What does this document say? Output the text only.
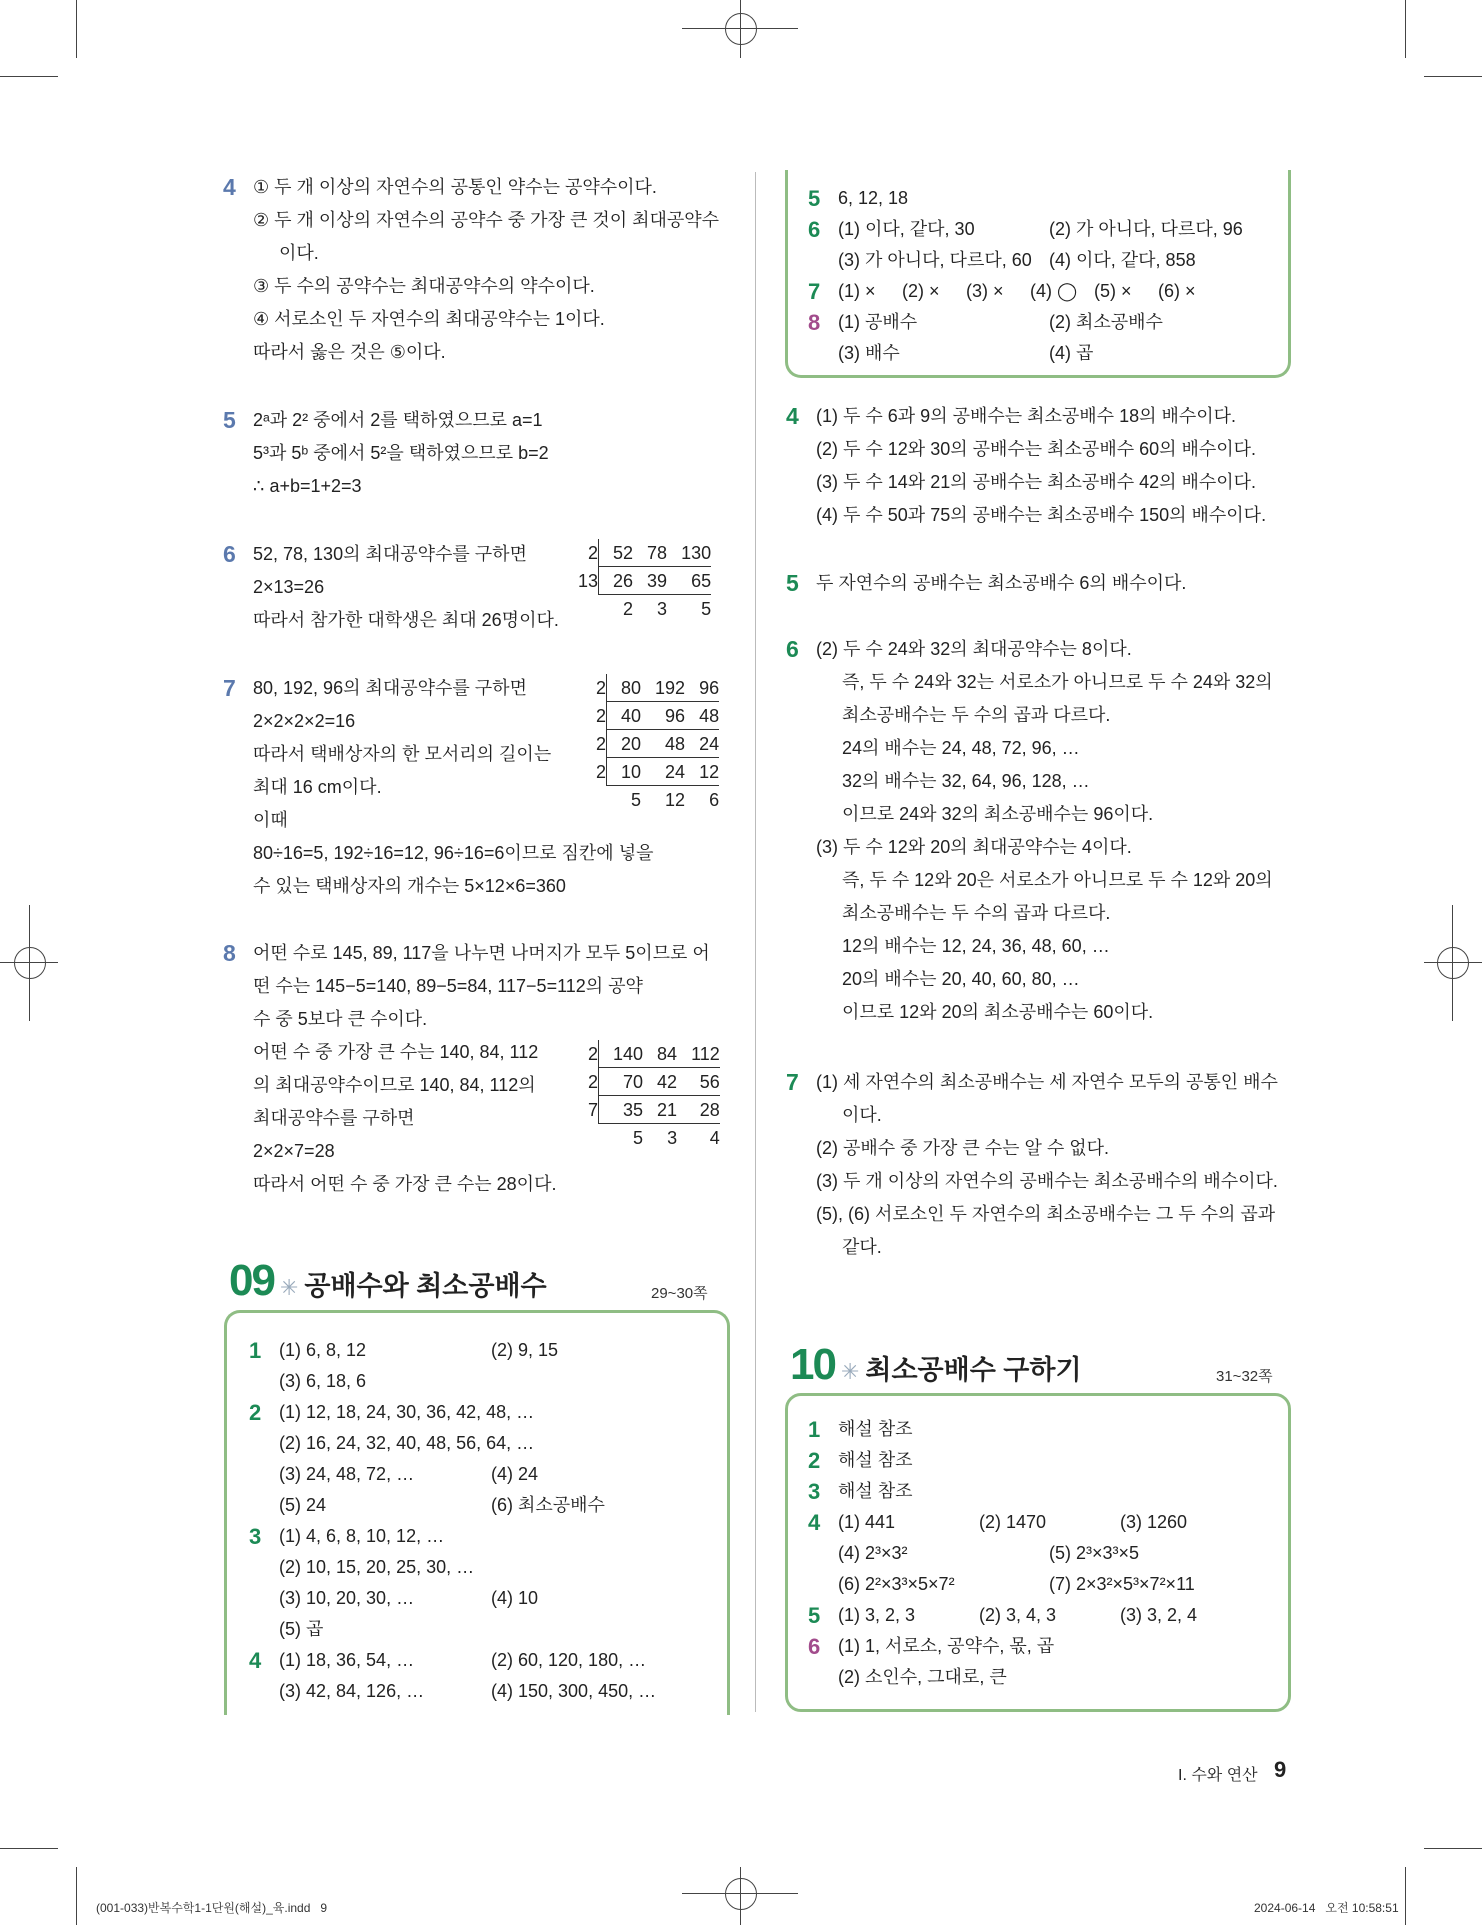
4 ① 두 개 이상의 자연수의 공통인 약수는 공약수이다.
② 두 개 이상의 자연수의 공약수 중 가장 큰 것이 최대공약수
이다.
③ 두 수의 공약수는 최대공약수의 약수이다.
④ 서로소인 두 자연수의 최대공약수는 1이다.
따라서 옳은 것은 ⑤이다.
5 2ᵃ과 2² 중에서 2를 택하였으므로 a=1
5³과 5ᵇ 중에서 5²을 택하였으므로 b=2
∴ a+b=1+2=3
6 52, 78, 130의 최대공약수를 구하면
2×13=26
따라서 참가한 대학생은 최대 26명이다.
2	52	78	130
13	26	39	65
	2	3	5
7 80, 192, 96의 최대공약수를 구하면
2×2×2×2=16
따라서 택배상자의 한 모서리의 길이는
최대 16 cm이다.
이때
80÷16=5, 192÷16=12, 96÷16=6이므로 짐칸에 넣을
수 있는 택배상자의 개수는 5×12×6=360
2	80	192	96
2	40	96	48
2	20	48	24
2	10	24	12
	5	12	6
8 어떤 수로 145, 89, 117을 나누면 나머지가 모두 5이므로 어
떤 수는 145−5=140, 89−5=84, 117−5=112의 공약
수 중 5보다 큰 수이다.
어떤 수 중 가장 큰 수는 140, 84, 112
의 최대공약수이므로 140, 84, 112의
최대공약수를 구하면
2×2×7=28
따라서 어떤 수 중 가장 큰 수는 28이다.
2	140	84	112
2	70	42	56
7	35	21	28
	5	3	4
09 ✳ 공배수와 최소공배수	29~30쪽
1 (1) 6, 8, 12	(2) 9, 15
(3) 6, 18, 6
2 (1) 12, 18, 24, 30, 36, 42, 48, …
(2) 16, 24, 32, 40, 48, 56, 64, …
(3) 24, 48, 72, …	(4) 24
(5) 24	(6) 최소공배수
3 (1) 4, 6, 8, 10, 12, …
(2) 10, 15, 20, 25, 30, …
(3) 10, 20, 30, …	(4) 10
(5) 곱
4 (1) 18, 36, 54, …	(2) 60, 120, 180, …
(3) 42, 84, 126, …	(4) 150, 300, 450, …
5 6, 12, 18
6 (1) 이다, 같다, 30	(2) 가 아니다, 다르다, 96
(3) 가 아니다, 다르다, 60 (4) 이다, 같다, 858
7 (1) × (2) × (3) × (4) ◯ (5) × (6) ×
8 (1) 공배수	(2) 최소공배수
(3) 배수	(4) 곱
4 (1) 두 수 6과 9의 공배수는 최소공배수 18의 배수이다.
(2) 두 수 12와 30의 공배수는 최소공배수 60의 배수이다.
(3) 두 수 14와 21의 공배수는 최소공배수 42의 배수이다.
(4) 두 수 50과 75의 공배수는 최소공배수 150의 배수이다.
5 두 자연수의 공배수는 최소공배수 6의 배수이다.
6 (2) 두 수 24와 32의 최대공약수는 8이다.
즉, 두 수 24와 32는 서로소가 아니므로 두 수 24와 32의
최소공배수는 두 수의 곱과 다르다.
24의 배수는 24, 48, 72, 96, …
32의 배수는 32, 64, 96, 128, …
이므로 24와 32의 최소공배수는 96이다.
(3) 두 수 12와 20의 최대공약수는 4이다.
즉, 두 수 12와 20은 서로소가 아니므로 두 수 12와 20의
최소공배수는 두 수의 곱과 다르다.
12의 배수는 12, 24, 36, 48, 60, …
20의 배수는 20, 40, 60, 80, …
이므로 12와 20의 최소공배수는 60이다.
7 (1) 세 자연수의 최소공배수는 세 자연수 모두의 공통인 배수
이다.
(2) 공배수 중 가장 큰 수는 알 수 없다.
(3) 두 개 이상의 자연수의 공배수는 최소공배수의 배수이다.
(5), (6) 서로소인 두 자연수의 최소공배수는 그 두 수의 곱과
같다.
10 ✳ 최소공배수 구하기	31~32쪽
1 해설 참조
2 해설 참조
3 해설 참조
4 (1) 441	(2) 1470	(3) 1260
(4) 2³×3²	(5) 2³×3³×5
(6) 2²×3³×5×7²	(7) 2×3²×5³×7²×11
5 (1) 3, 2, 3	(2) 3, 4, 3	(3) 3, 2, 4
6 (1) 1, 서로소, 공약수, 몫, 곱
(2) 소인수, 그대로, 큰
I. 수와 연산 9
(001-033)반복수학1-1단원(해설)_육.indd   9	2024-06-14   오전 10:58:51
